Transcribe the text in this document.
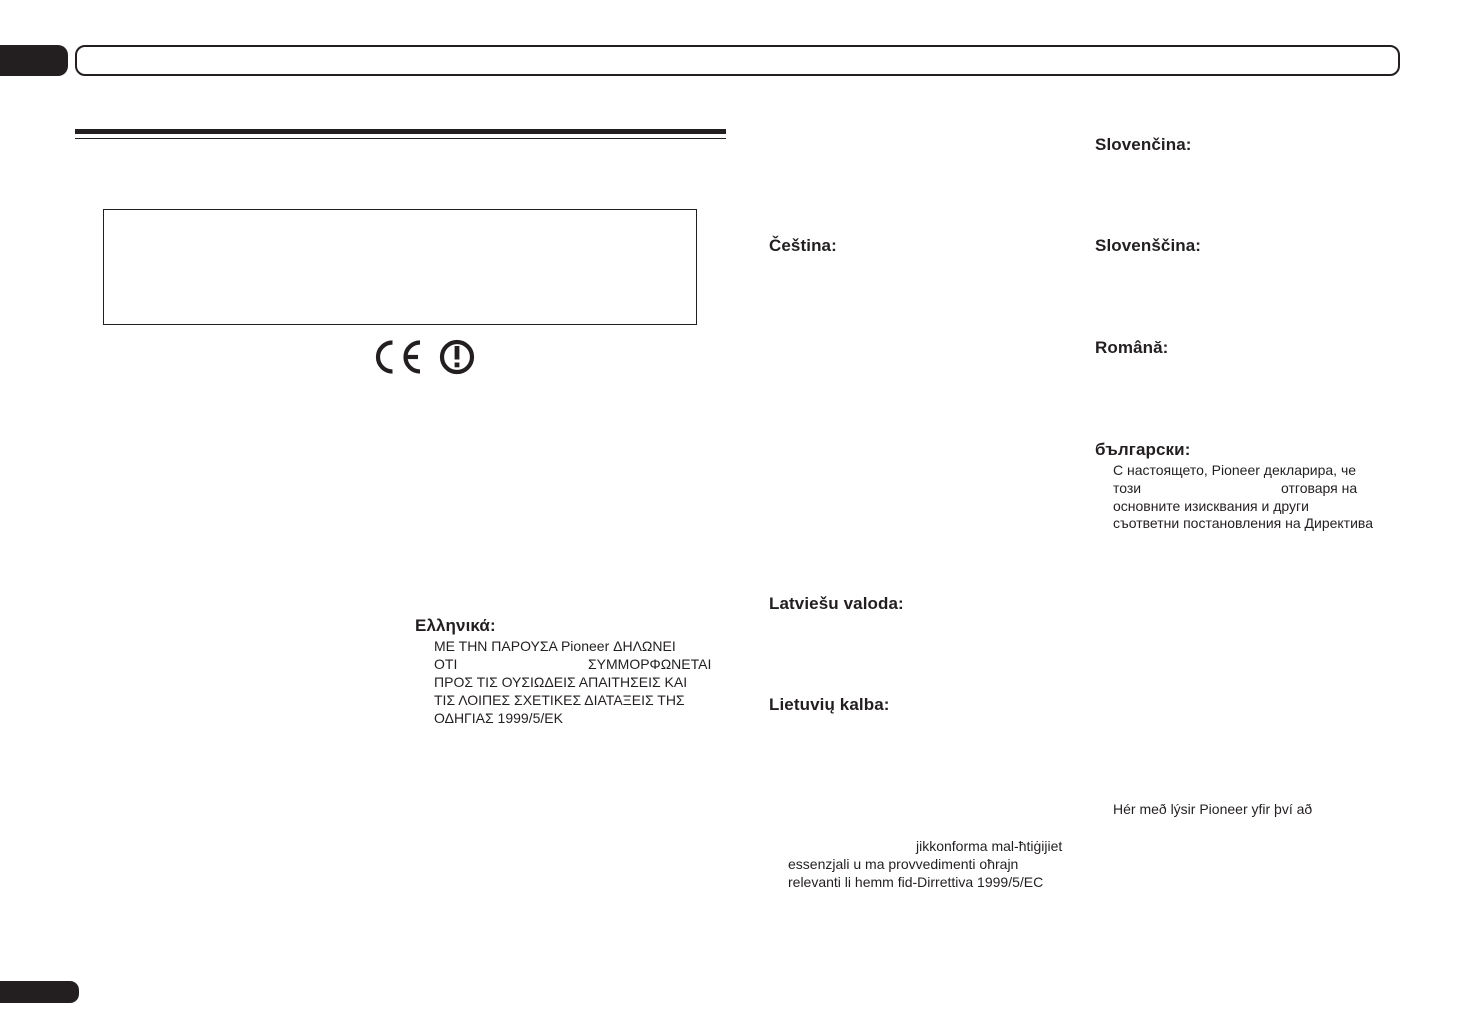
Ελληνικά:

ΜΕ ΤΗΝ ΠΑΡΟΥΣΑ Pioneer ΔΗΛΩΝΕΙ

ΟΤΙ	ΣΥΜΜΟΡΦΩΝΕΤΑΙ

ΠΡΟΣ ΤΙΣ ΟΥΣΙΩΔΕΙΣ ΑΠΑΙΤΗΣΕΙΣ ΚΑΙ

ΤΙΣ ΛΟΙΠΕΣ ΣΧΕΤΙΚΕΣ ΔΙΑΤΑΞΕΙΣ ΤΗΣ

ΟΔΗΓΙΑΣ 1999/5/ΕΚ

Čeština:
Latviešu valoda:
Lietuvių kalba:

jikkonforma mal-ħtiġijiet

essenzjali u ma provvedimenti oħrajn

relevanti li hemm fid-Dirrettiva 1999/5/EC

Slovenčina:
Slovenščina:
Română:
български:

С настоящето, Pioneer декларира, че

този	отговаря на

основните изисквания и други

съответни постановления на Директива

Hér með lýsir Pioneer yfir því að
